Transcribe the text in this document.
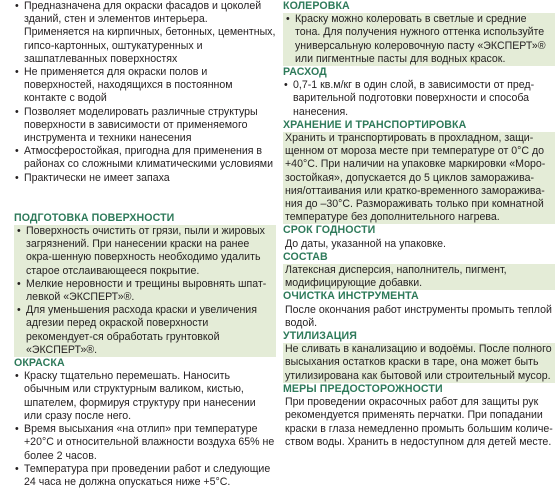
• Предназначена для окраски фасадов и цоколей зданий, стен и элементов интерьера. Применяется на кирпичных, бетонных, цементных, гипсо-картонных, оштукатуренных и зашпатлеванных поверхностях
• Не применяется для окраски полов и поверхностей, находящихся в постоянном контакте с водой
• Позволяет моделировать различные структуры поверхности в зависимости от применяемого инструмента и техники нанесения
• Атмосферостойкая, пригодна для применения в районах со сложными климатическими условиями
• Практически не имеет запаха
ПОДГОТОВКА ПОВЕРХНОСТИ
• Поверхность очистить от грязи, пыли и жировых загрязнений. При нанесении краски на ранее окра-шенную поверхность необходимо удалить старое отслаивающееся покрытие.
• Мелкие неровности и трещины выровнять шпат-левкой «ЭКСПЕРТ»®.
• Для уменьшения расхода краски и увеличения адгезии перед окраской поверхности рекомендует-ся обработать грунтовкой «ЭКСПЕРТ»®.
ОКРАСКА
• Краску тщательно перемешать. Наносить обычным или структурным валиком, кистью, шпателем, формируя структуру при нанесении или сразу после него.
• Время высыхания «на отлип» при температуре +20°С и относительной влажности воздуха 65% не более 2 часов.
• Температура при проведении работ и следующие 24 часа не должна опускаться ниже +5°С.
КОЛЕРОВКА
• Краску можно колеровать в светлые и средние тона. Для получения нужного оттенка используйте универсальную колеровочную пасту «ЭКСПЕРТ»® или пигментные пасты для водных красок.
РАСХОД
• 0,7-1 кв.м/кг в один слой, в зависимости от пред-варительной подготовки поверхности и способа нанесения.
ХРАНЕНИЕ И ТРАНСПОРТИРОВКА

Хранить и транспортировать в прохладном, защи-щенном от мороза месте при температуре от 0°С до +40°С. При наличии на упаковке маркировки «Моро-зостойкая», допускается до 5 циклов заморажива-ния/оттаивания или кратко-временного заморажива-ния до –30°С. Размораживать только при комнатной температуре без дополнительного нагрева.

СРОК ГОДНОСТИ

До даты, указанной на упаковке.

СОСТАВ

Латексная дисперсия, наполнитель, пигмент, модифицирующие добавки.

ОЧИСТКА ИНСТРУМЕНТА

После окончания работ инструменты промыть теплой водой.

УТИЛИЗАЦИЯ

Не сливать в канализацию и водоёмы. После полного высыхания остатков краски в таре, она может быть утилизирована как бытовой или строительный мусор.

МЕРЫ ПРЕДОСТОРОЖНОСТИ

При проведении окрасочных работ для защиты рук рекомендуется применять перчатки. При попадании краски в глаза немедленно промыть большим количе-ством воды. Хранить в недоступном для детей месте.
